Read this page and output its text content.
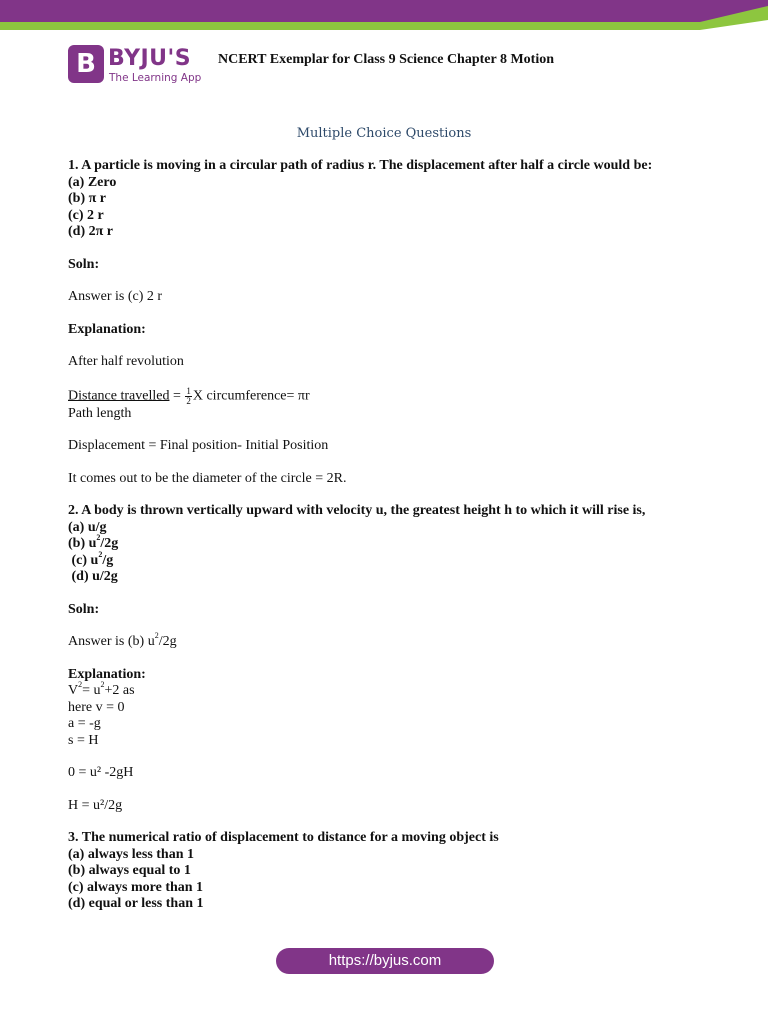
B BYJU'S
The Learning App
NCERT Exemplar for Class 9 Science Chapter 8 Motion
Multiple Choice Questions

1. A particle is moving in a circular path of radius r. The displacement after half a circle would be:

(a) Zero

(b) π r

(c) 2 r

(d) 2π r

Soln:

Answer is (c) 2 r

Explanation:

After half revolution

Distance travelled = $\frac{1}{2}$ X circumference= πr

Path length

Displacement = Final position- Initial Position

It comes out to be the diameter of the circle = 2R.

2. A body is thrown vertically upward with velocity u, the greatest height h to which it will rise is,

(a) u/g

(b) $u^2/2g$

(c) $u^2/g$

(d) u/2g

Soln:

Answer is (b) $u^2/2g$

Explanation:

$V^2= u^2+2$ as

here v = 0

a = -g

s = H

0 = u² -2gH

H = u²/2g

3. The numerical ratio of displacement to distance for a moving object is

(a) always less than 1

(b) always equal to 1

(c) always more than 1

(d) equal or less than 1

https://byjus.com
